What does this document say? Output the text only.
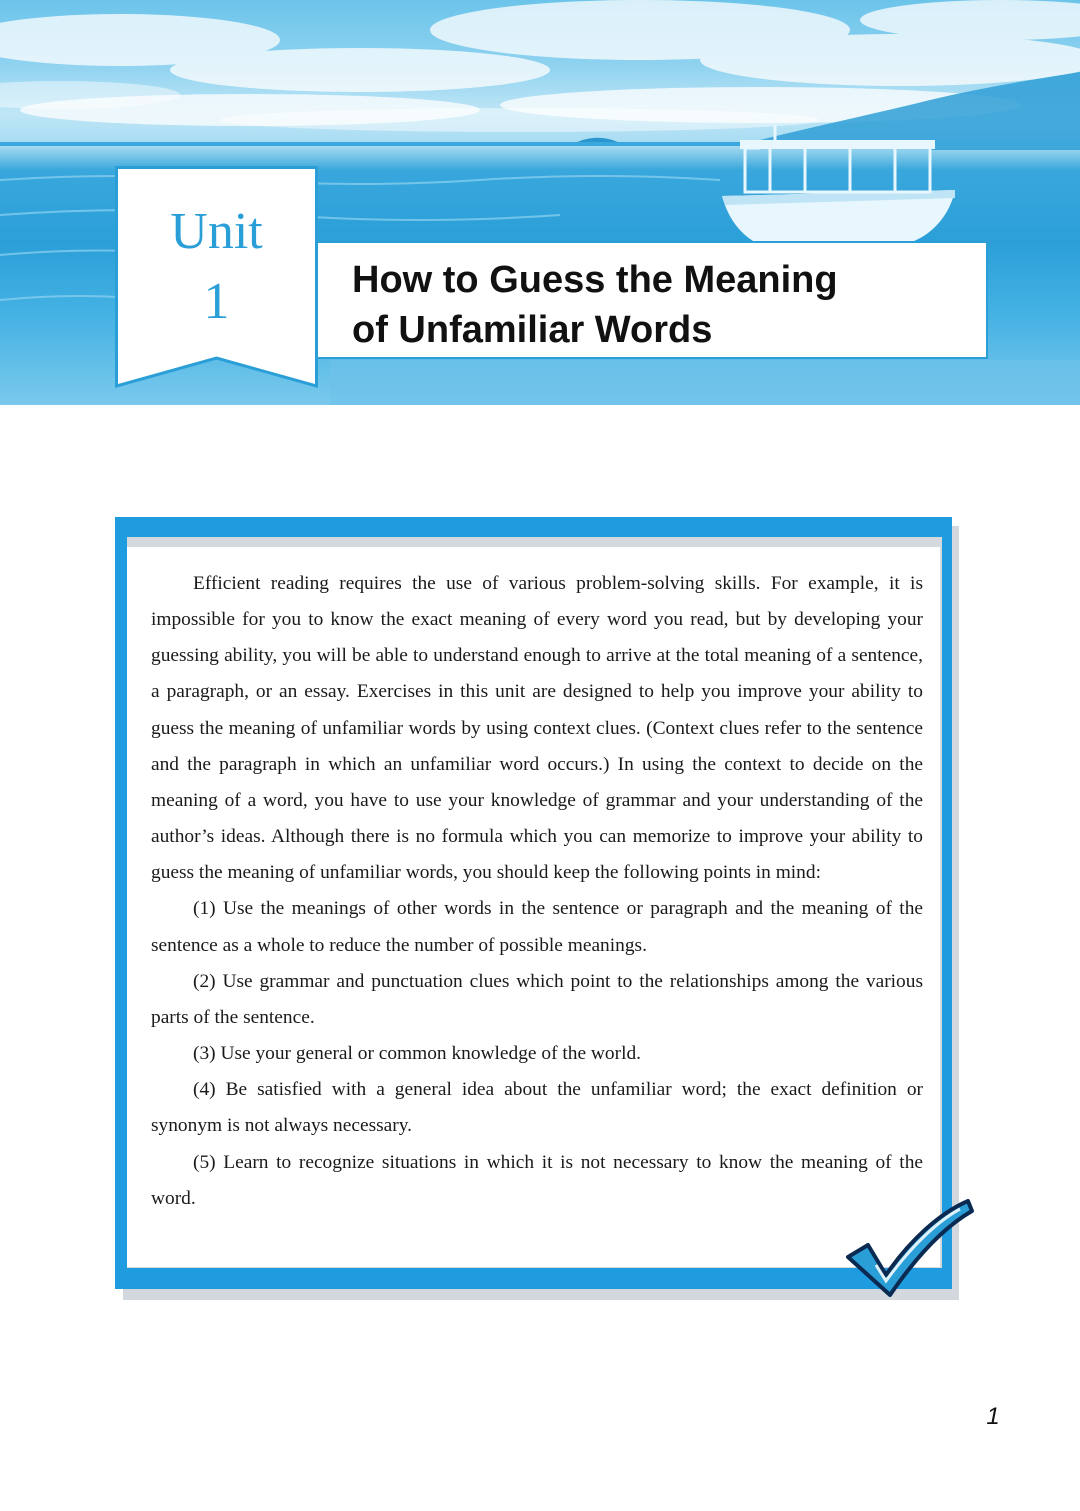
Unit
1	How to Guess the Meaning
of Unfamiliar Words

Efficient reading requires the use of various problem-solving skills. For example, it is impossible for you to know the exact meaning of every word you read, but by developing your guessing ability, you will be able to understand enough to arrive at the total meaning of a sentence, a paragraph, or an essay. Exercises in this unit are designed to help you improve your ability to guess the meaning of unfamiliar words by using context clues. (Context clues refer to the sentence and the paragraph in which an unfamiliar word occurs.) In using the context to decide on the meaning of a word, you have to use your knowledge of grammar and your understanding of the author’s ideas. Although there is no formula which you can memorize to improve your ability to guess the meaning of unfamiliar words, you should keep the following points in mind:

(1) Use the meanings of other words in the sentence or paragraph and the meaning of the sentence as a whole to reduce the number of possible meanings.

(2) Use grammar and punctuation clues which point to the relationships among the various parts of the sentence.

(3) Use your general or common knowledge of the world.

(4) Be satisfied with a general idea about the unfamiliar word; the exact definition or synonym is not always necessary.

(5) Learn to recognize situations in which it is not necessary to know the meaning of the word.

1
